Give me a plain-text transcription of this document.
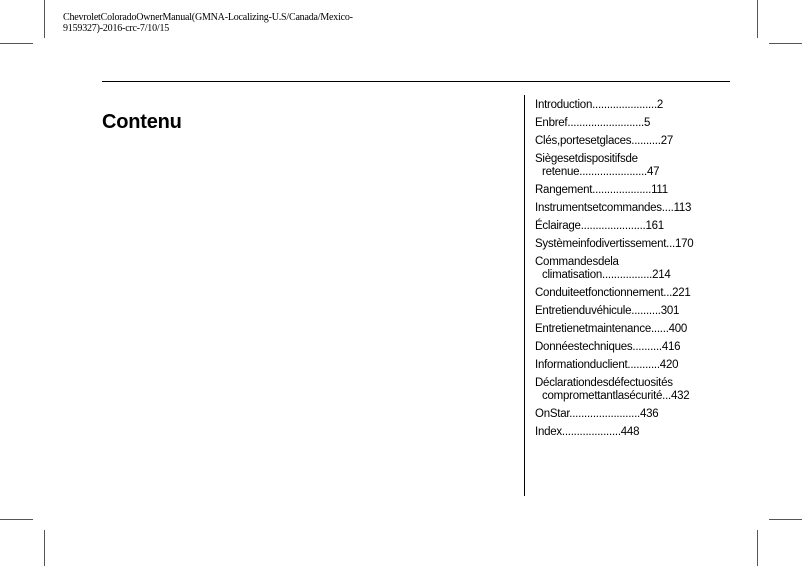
ChevroletColoradoOwnerManual(GMNA-Localizing-U.S/Canada/Mexico-9159327)-2016-crc-7/10/15
Contenu
Introduction......................2
Enbref..........................5
Clés,portesetglaces..........27
Siègesetdispositifsde
retenue.......................47
Rangement....................111
Instrumentsetcommandes....113
Éclairage......................161
Systèmeinfodivertissement...170
Commandesdela
climatisation.................214
Conduiteetfonctionnement...221
Entretienduvéhicule..........301
Entretienetmaintenance......400
Donnéestechniques..........416
Informationduclient...........420
Déclarationdesdéfectuosités
compromettantlasécurité...432
OnStar........................436
Index....................448
